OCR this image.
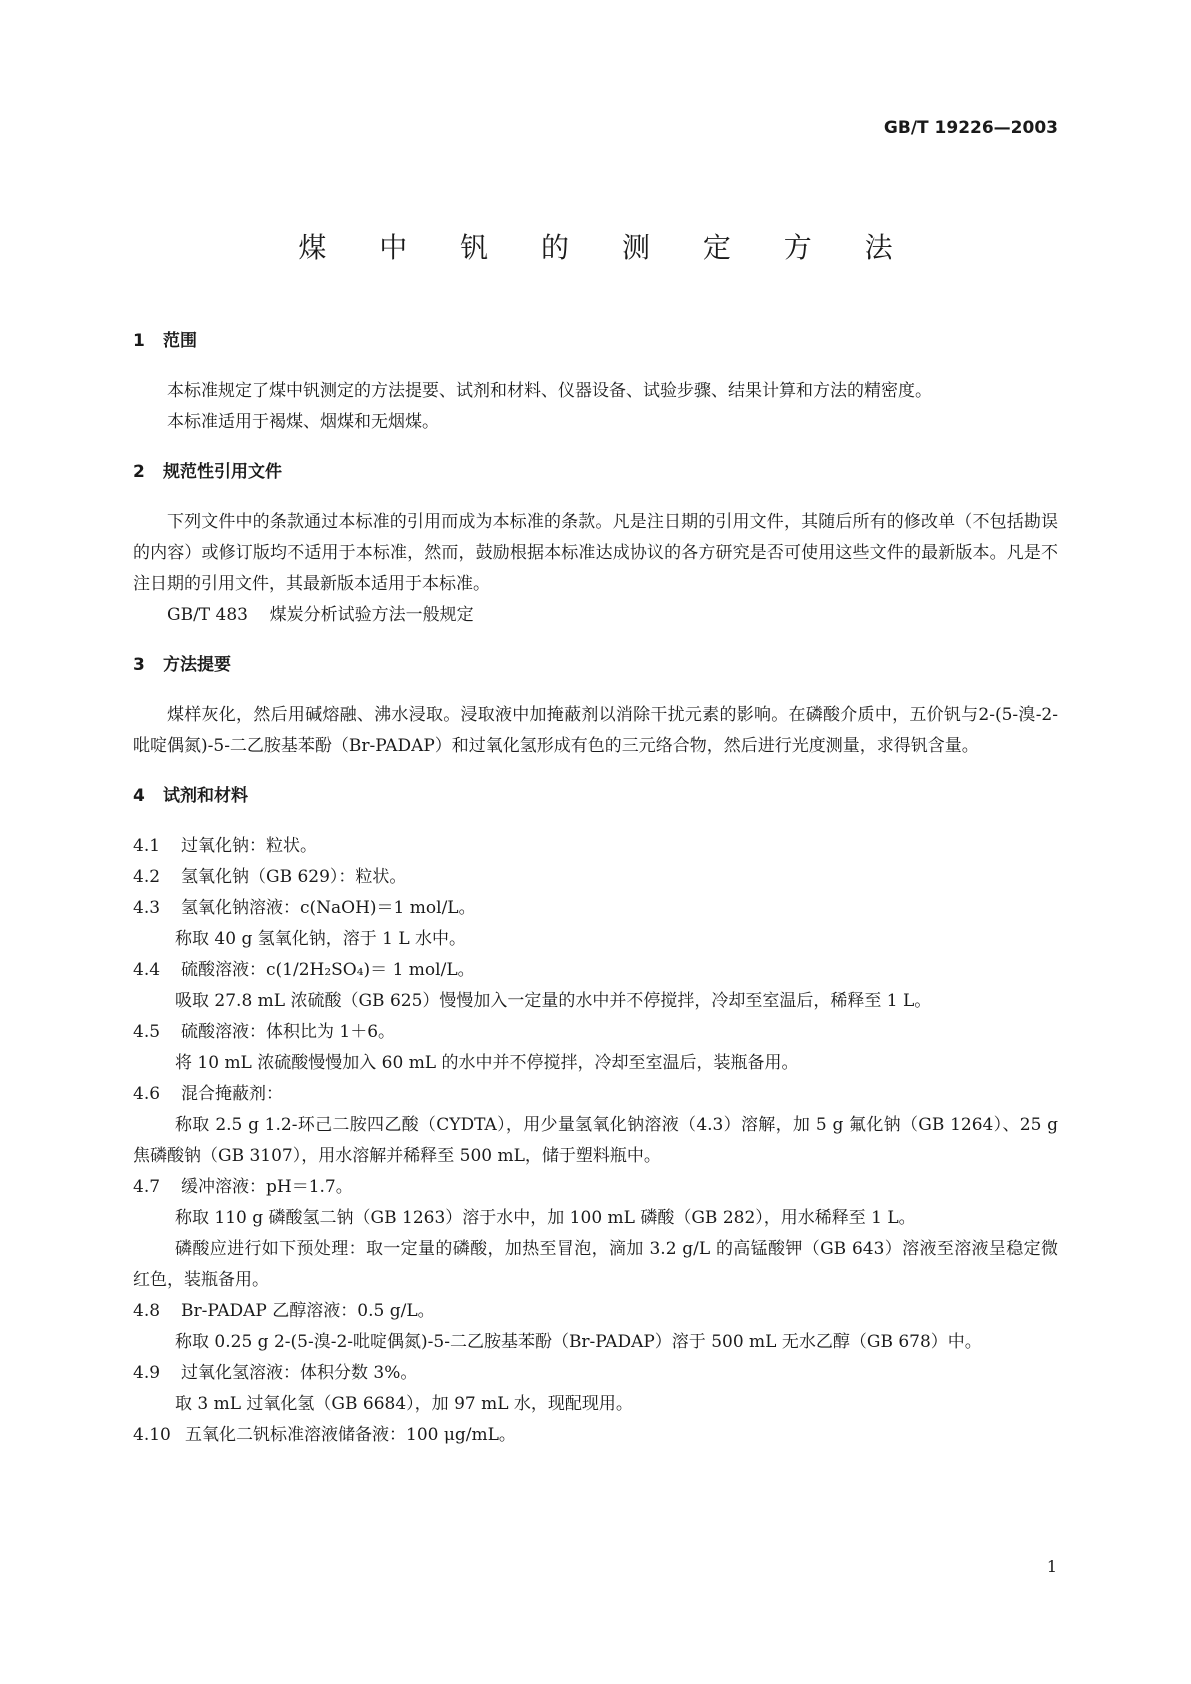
GB/T 19226—2003
煤 中 钒 的 测 定 方 法
1 范围

本标准规定了煤中钒测定的方法提要、试剂和材料、仪器设备、试验步骤、结果计算和方法的精密度。

本标准适用于褐煤、烟煤和无烟煤。

2 规范性引用文件

下列文件中的条款通过本标准的引用而成为本标准的条款。凡是注日期的引用文件，其随后所有的修改单（不包括勘误的内容）或修订版均不适用于本标准，然而，鼓励根据本标准达成协议的各方研究是否可使用这些文件的最新版本。凡是不注日期的引用文件，其最新版本适用于本标准。

GB/T 483    煤炭分析试验方法一般规定

3 方法提要

煤样灰化，然后用碱熔融、沸水浸取。浸取液中加掩蔽剂以消除干扰元素的影响。在磷酸介质中，五价钒与2-(5-溴-2-吡啶偶氮)-5-二乙胺基苯酚（Br-PADAP）和过氧化氢形成有色的三元络合物，然后进行光度测量，求得钒含量。

4 试剂和材料

4.1 过氧化钠：粒状。

4.2 氢氧化钠（GB 629）：粒状。

4.3 氢氧化钠溶液：c(NaOH)＝1 mol/L。

称取 40 g 氢氧化钠，溶于 1 L 水中。

4.4 硫酸溶液：c(1/2H₂SO₄)＝ 1 mol/L。

吸取 27.8 mL 浓硫酸（GB 625）慢慢加入一定量的水中并不停搅拌，冷却至室温后，稀释至 1 L。

4.5 硫酸溶液：体积比为 1＋6。

将 10 mL 浓硫酸慢慢加入 60 mL 的水中并不停搅拌，冷却至室温后，装瓶备用。

4.6 混合掩蔽剂：

称取 2.5 g 1.2-环己二胺四乙酸（CYDTA），用少量氢氧化钠溶液（4.3）溶解，加 5 g 氟化钠（GB 1264）、25 g 焦磷酸钠（GB 3107），用水溶解并稀释至 500 mL，储于塑料瓶中。

4.7 缓冲溶液：pH＝1.7。

称取 110 g 磷酸氢二钠（GB 1263）溶于水中，加 100 mL 磷酸（GB 282），用水稀释至 1 L。

磷酸应进行如下预处理：取一定量的磷酸，加热至冒泡，滴加 3.2 g/L 的高锰酸钾（GB 643）溶液至溶液呈稳定微红色，装瓶备用。

4.8 Br-PADAP 乙醇溶液：0.5 g/L。

称取 0.25 g 2-(5-溴-2-吡啶偶氮)-5-二乙胺基苯酚（Br-PADAP）溶于 500 mL 无水乙醇（GB 678）中。

4.9 过氧化氢溶液：体积分数 3%。

取 3 mL 过氧化氢（GB 6684），加 97 mL 水，现配现用。

4.10 五氧化二钒标准溶液储备液：100 μg/mL。

1
